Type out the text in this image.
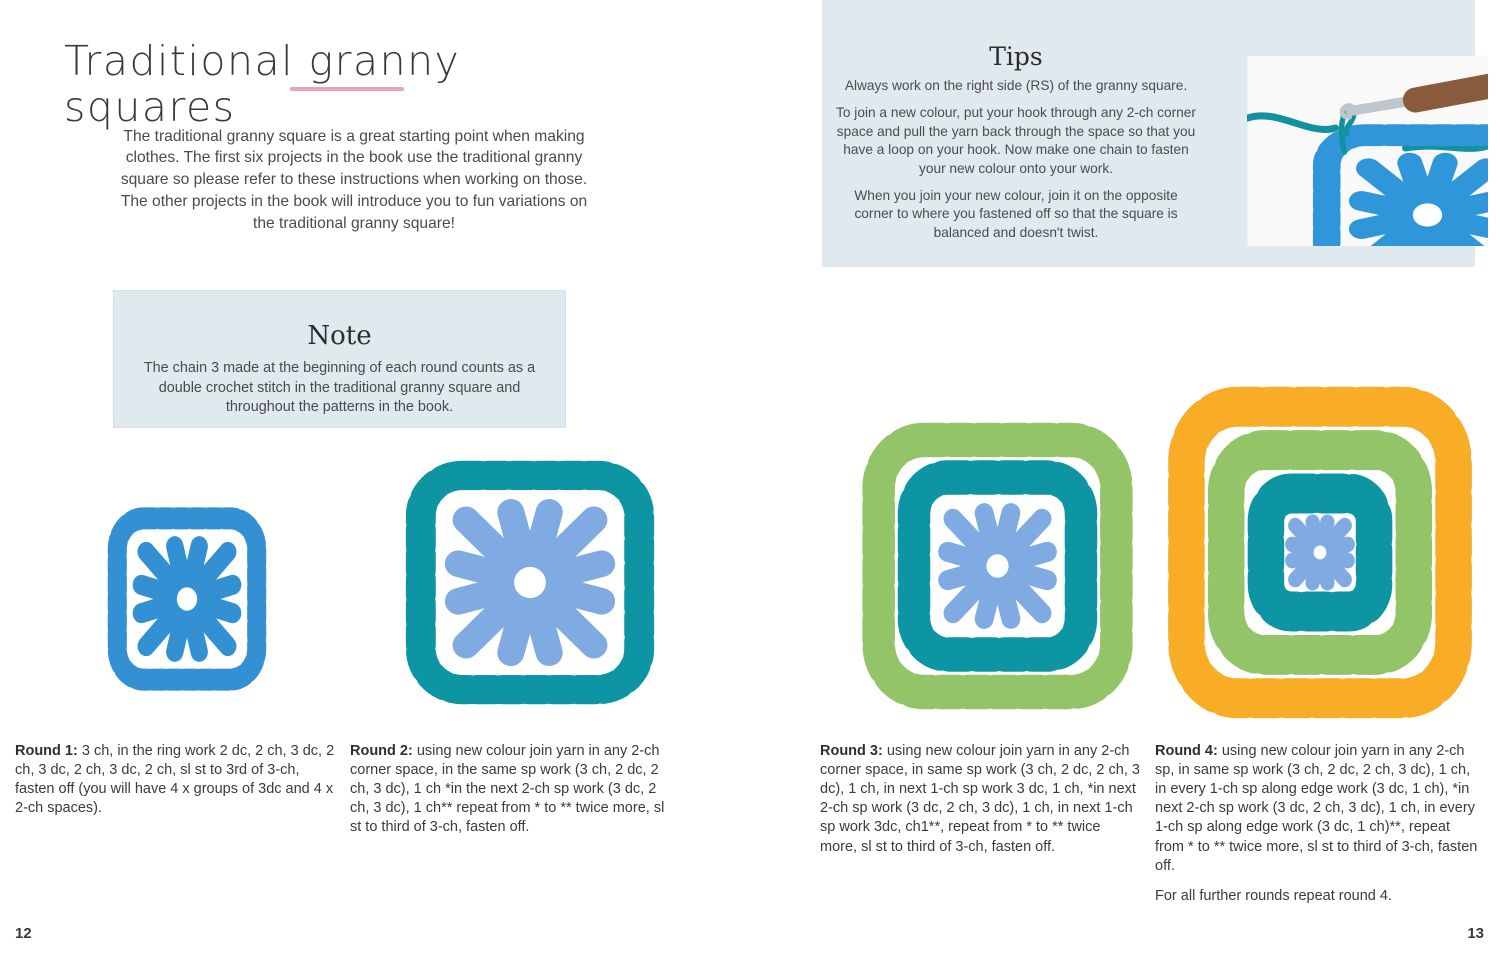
Traditional granny squares

The traditional granny square is a great starting point when making clothes. The first six projects in the book use the traditional granny square so please refer to these instructions when working on those. The other projects in the book will introduce you to fun variations on the traditional granny square!

Note

The chain 3 made at the beginning of each round counts as a double crochet stitch in the traditional granny square and throughout the patterns in the book.

Round 1: 3 ch, in the ring work 2 dc, 2 ch, 3 dc, 2 ch, 3 dc, 2 ch, 3 dc, 2 ch, sl st to 3rd of 3-ch, fasten off (you will have 4 x groups of 3dc and 4 x 2-ch spaces).

Round 2: using new colour join yarn in any 2-ch corner space, in the same sp work (3 ch, 2 dc, 2 ch, 3 dc), 1 ch *in the next 2-ch sp work (3 dc, 2 ch, 3 dc), 1 ch** repeat from * to ** twice more, sl st to third of 3-ch, fasten off.

12
Tips

Always work on the right side (RS) of the granny square.

To join a new colour, put your hook through any 2-ch corner space and pull the yarn back through the space so that you have a loop on your hook. Now make one chain to fasten your new colour onto your work.

When you join your new colour, join it on the opposite corner to where you fastened off so that the square is balanced and doesn't twist.

Round 3: using new colour join yarn in any 2-ch corner space, in same sp work (3 ch, 2 dc, 2 ch, 3 dc), 1 ch, in next 1-ch sp work 3 dc, 1 ch, *in next 2-ch sp work (3 dc, 2 ch, 3 dc), 1 ch, in next 1-ch sp work 3dc, ch1**, repeat from * to ** twice more, sl st to third of 3-ch, fasten off.

Round 4: using new colour join yarn in any 2-ch sp, in same sp work (3 ch, 2 dc, 2 ch, 3 dc), 1 ch, in every 1-ch sp along edge work (3 dc, 1 ch), *in next 2-ch sp work (3 dc, 2 ch, 3 dc), 1 ch, in every 1-ch sp along edge work (3 dc, 1 ch)**, repeat from * to ** twice more, sl st to third of 3-ch, fasten off.
For all further rounds repeat round 4.

13
